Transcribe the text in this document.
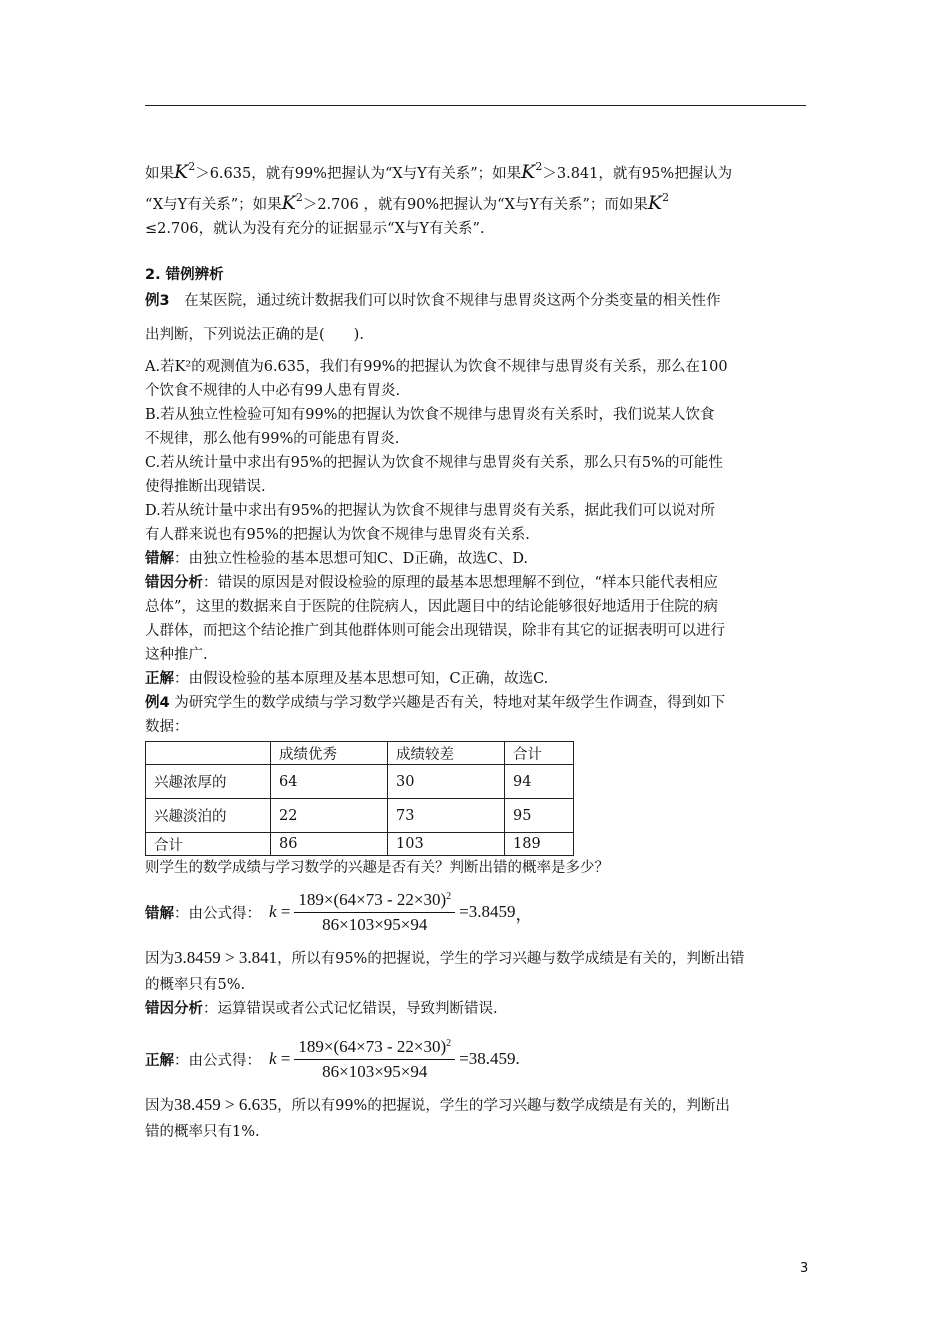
如果$K^2>6.635$，就有99%把握认为“X与Y有关系”；如果$K^2>3.841$，就有95%把握认为

“X与Y有关系”；如果$K^2>2.706$ ，就有90%把握认为“X与Y有关系”；而如果$K^2$

≤2.706，就认为没有充分的证据显示“X与Y有关系”.

2. 错例辨析

例3　 在某医院，通过统计数据我们可以时饮食不规律与患胃炎这两个分类变量的相关性作

出判断，下列说法正确的是(　　).

A.若K²的观测值为6.635，我们有99%的把握认为饮食不规律与患胃炎有关系，那么在100

个饮食不规律的人中必有99人患有胃炎.

B.若从独立性检验可知有99%的把握认为饮食不规律与患胃炎有关系时，我们说某人饮食

不规律，那么他有99%的可能患有胃炎.

C.若从统计量中求出有95%的把握认为饮食不规律与患胃炎有关系，那么只有5%的可能性

使得推断出现错误.

D.若从统计量中求出有95%的把握认为饮食不规律与患胃炎有关系，据此我们可以说对所

有人群来说也有95%的把握认为饮食不规律与患胃炎有关系.

错解：由独立性检验的基本思想可知C、D正确，故选C、D.

错因分析：错误的原因是对假设检验的原理的最基本思想理解不到位，“样本只能代表相应

总体”，这里的数据来自于医院的住院病人，因此题目中的结论能够很好地适用于住院的病

人群体，而把这个结论推广到其他群体则可能会出现错误，除非有其它的证据表明可以进行

这种推广.

正解：由假设检验的基本原理及基本思想可知，C正确，故选C.

例4 为研究学生的数学成绩与学习数学兴趣是否有关，特地对某年级学生作调查，得到如下

数据：

	成绩优秀	成绩较差	合计
兴趣浓厚的	64	30	94
兴趣淡泊的	22	73	95
合计	86	103	189

则学生的数学成绩与学习数学的兴趣是否有关？判断出错的概率是多少？

错解 ：由公式得： k
= $\frac{189\times(64\times 73 - 22\times 30)^2}{86\times 103\times 95\times 94} =3.8459$ ，

因为3.8459 > 3.841，所以有95%的把握说，学生的学习兴趣与数学成绩是有关的，判断出错

的概率只有5%.

错因分析：运算错误或者公式记忆错误，导致判断错误.

正解 ：由公式得： k
= $\frac{189\times(64\times 73 - 22\times 30)^2}{86\times 103\times 95\times 94} =38.459$ .

因为38.459 > 6.635，所以有99%的把握说，学生的学习兴趣与数学成绩是有关的，判断出

错的概率只有1%.

3
